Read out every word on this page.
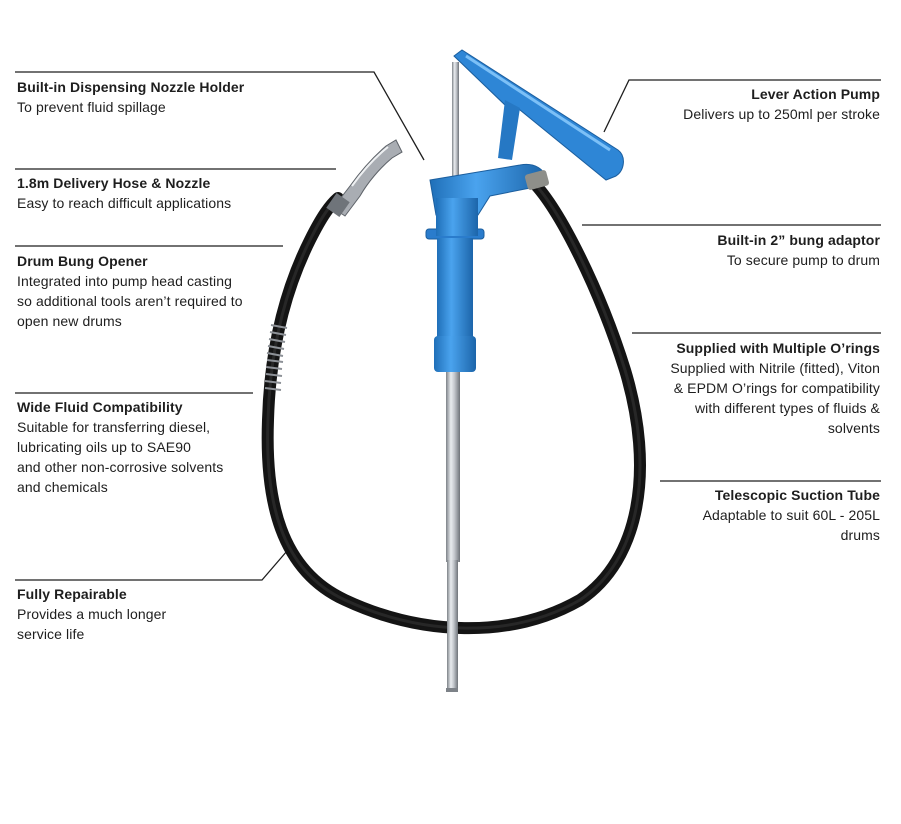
Built-in Dispensing Nozzle Holder
To prevent fluid spillage
1.8m Delivery Hose & Nozzle
Easy to reach difficult applications
Drum Bung Opener
Integrated into pump head casting
so additional tools aren’t required to
open new drums
Wide Fluid Compatibility
Suitable for transferring diesel,
lubricating oils up to SAE90
and other non-corrosive solvents
and chemicals
Fully Repairable
Provides a much longer
service life
Lever Action Pump
Delivers up to 250ml per stroke
Built-in 2” bung adaptor
To secure pump to drum
Supplied with Multiple O’rings
Supplied with Nitrile (fitted), Viton
& EPDM O’rings for compatibility
with different types of fluids &
solvents
Telescopic Suction Tube
Adaptable to suit 60L - 205L
drums
